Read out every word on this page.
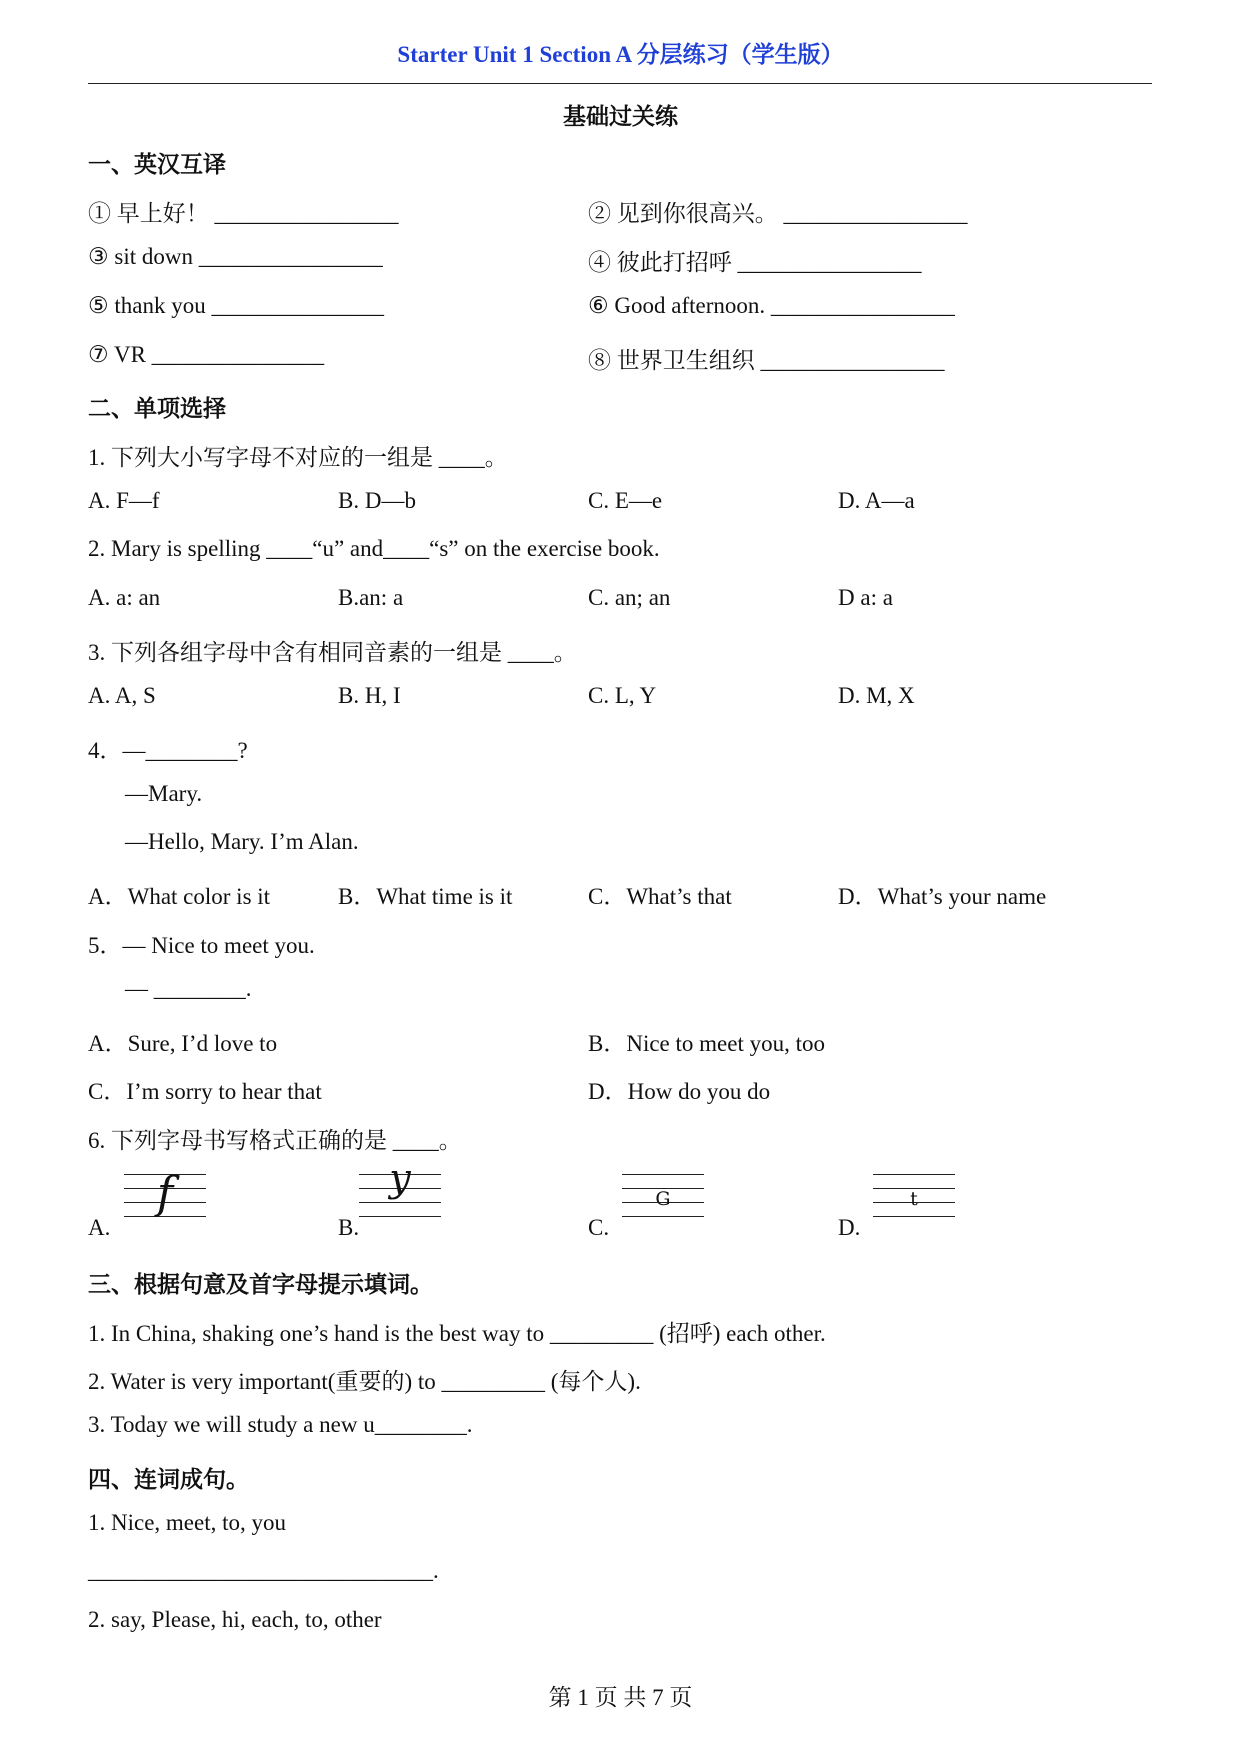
Starter Unit 1 Section A 分层练习（学生版）
基础过关练
一、英汉互译
① 早上好！ ________________	② 见到你很高兴。 ________________
③ sit down ________________	④ 彼此打招呼 ________________
⑤ thank you _______________	⑥ Good afternoon. ________________
⑦ VR _______________	⑧ 世界卫生组织 ________________
二、单项选择
1. 下列大小写字母不对应的一组是 ____。
A. F—f	B. D—b	C. E—e	D. A—a
2. Mary is spelling ____“u” and____“s” on the exercise book.
A. a: an	B.an: a	C. an; an	D a: a
3. 下列各组字母中含有相同音素的一组是 ____。
A. A, S	B. H, I	C. L, Y	D. M, X
4．—________?
—Mary.
—Hello, Mary. I’m Alan.
A．What color is it	B．What time is it	C．What’s that	D．What’s your name
5．— Nice to meet you.
— ________.
A．Sure, I’d love to	B．Nice to meet you, too
C．I’m sorry to hear that	D．How do you do
6. 下列字母书写格式正确的是 ____。
A.
f
B.
y
C.
G
D.
t
三、根据句意及首字母提示填词。
1. In China, shaking one’s hand is the best way to _________ (招呼) each other.
2. Water is very important(重要的) to _________ (每个人).
3. Today we will study a new u________.
四、连词成句。
1. Nice, meet, to, you
______________________________.
2. say, Please, hi, each, to, other
第 1 页 共 7 页
